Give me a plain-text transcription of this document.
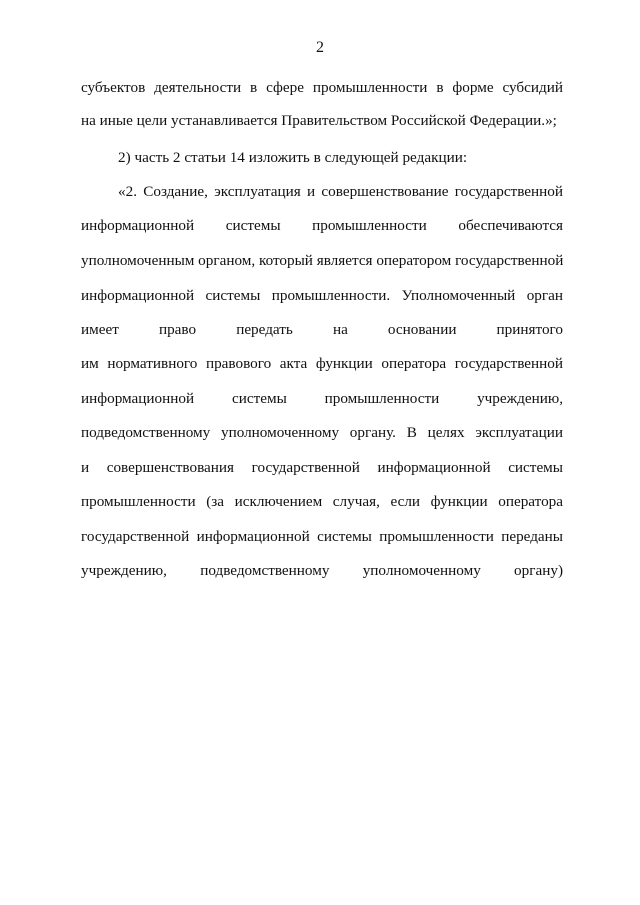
2
субъектов деятельности в сфере промышленности в форме субсидий
на иные цели устанавливается Правительством Российской Федерации.»;
2) часть 2 статьи 14 изложить в следующей редакции:
«2. Создание, эксплуатация и совершенствование государственной
информационной системы промышленности обеспечиваются
уполномоченным органом, который является оператором государственной
информационной системы промышленности. Уполномоченный орган
имеет право передать на основании принятого
им нормативного правового акта функции оператора государственной
информационной системы промышленности учреждению,
подведомственному уполномоченному органу. В целях эксплуатации
и совершенствования государственной информационной системы
промышленности (за исключением случая, если функции оператора
государственной информационной системы промышленности переданы
учреждению, подведомственному уполномоченному органу)
